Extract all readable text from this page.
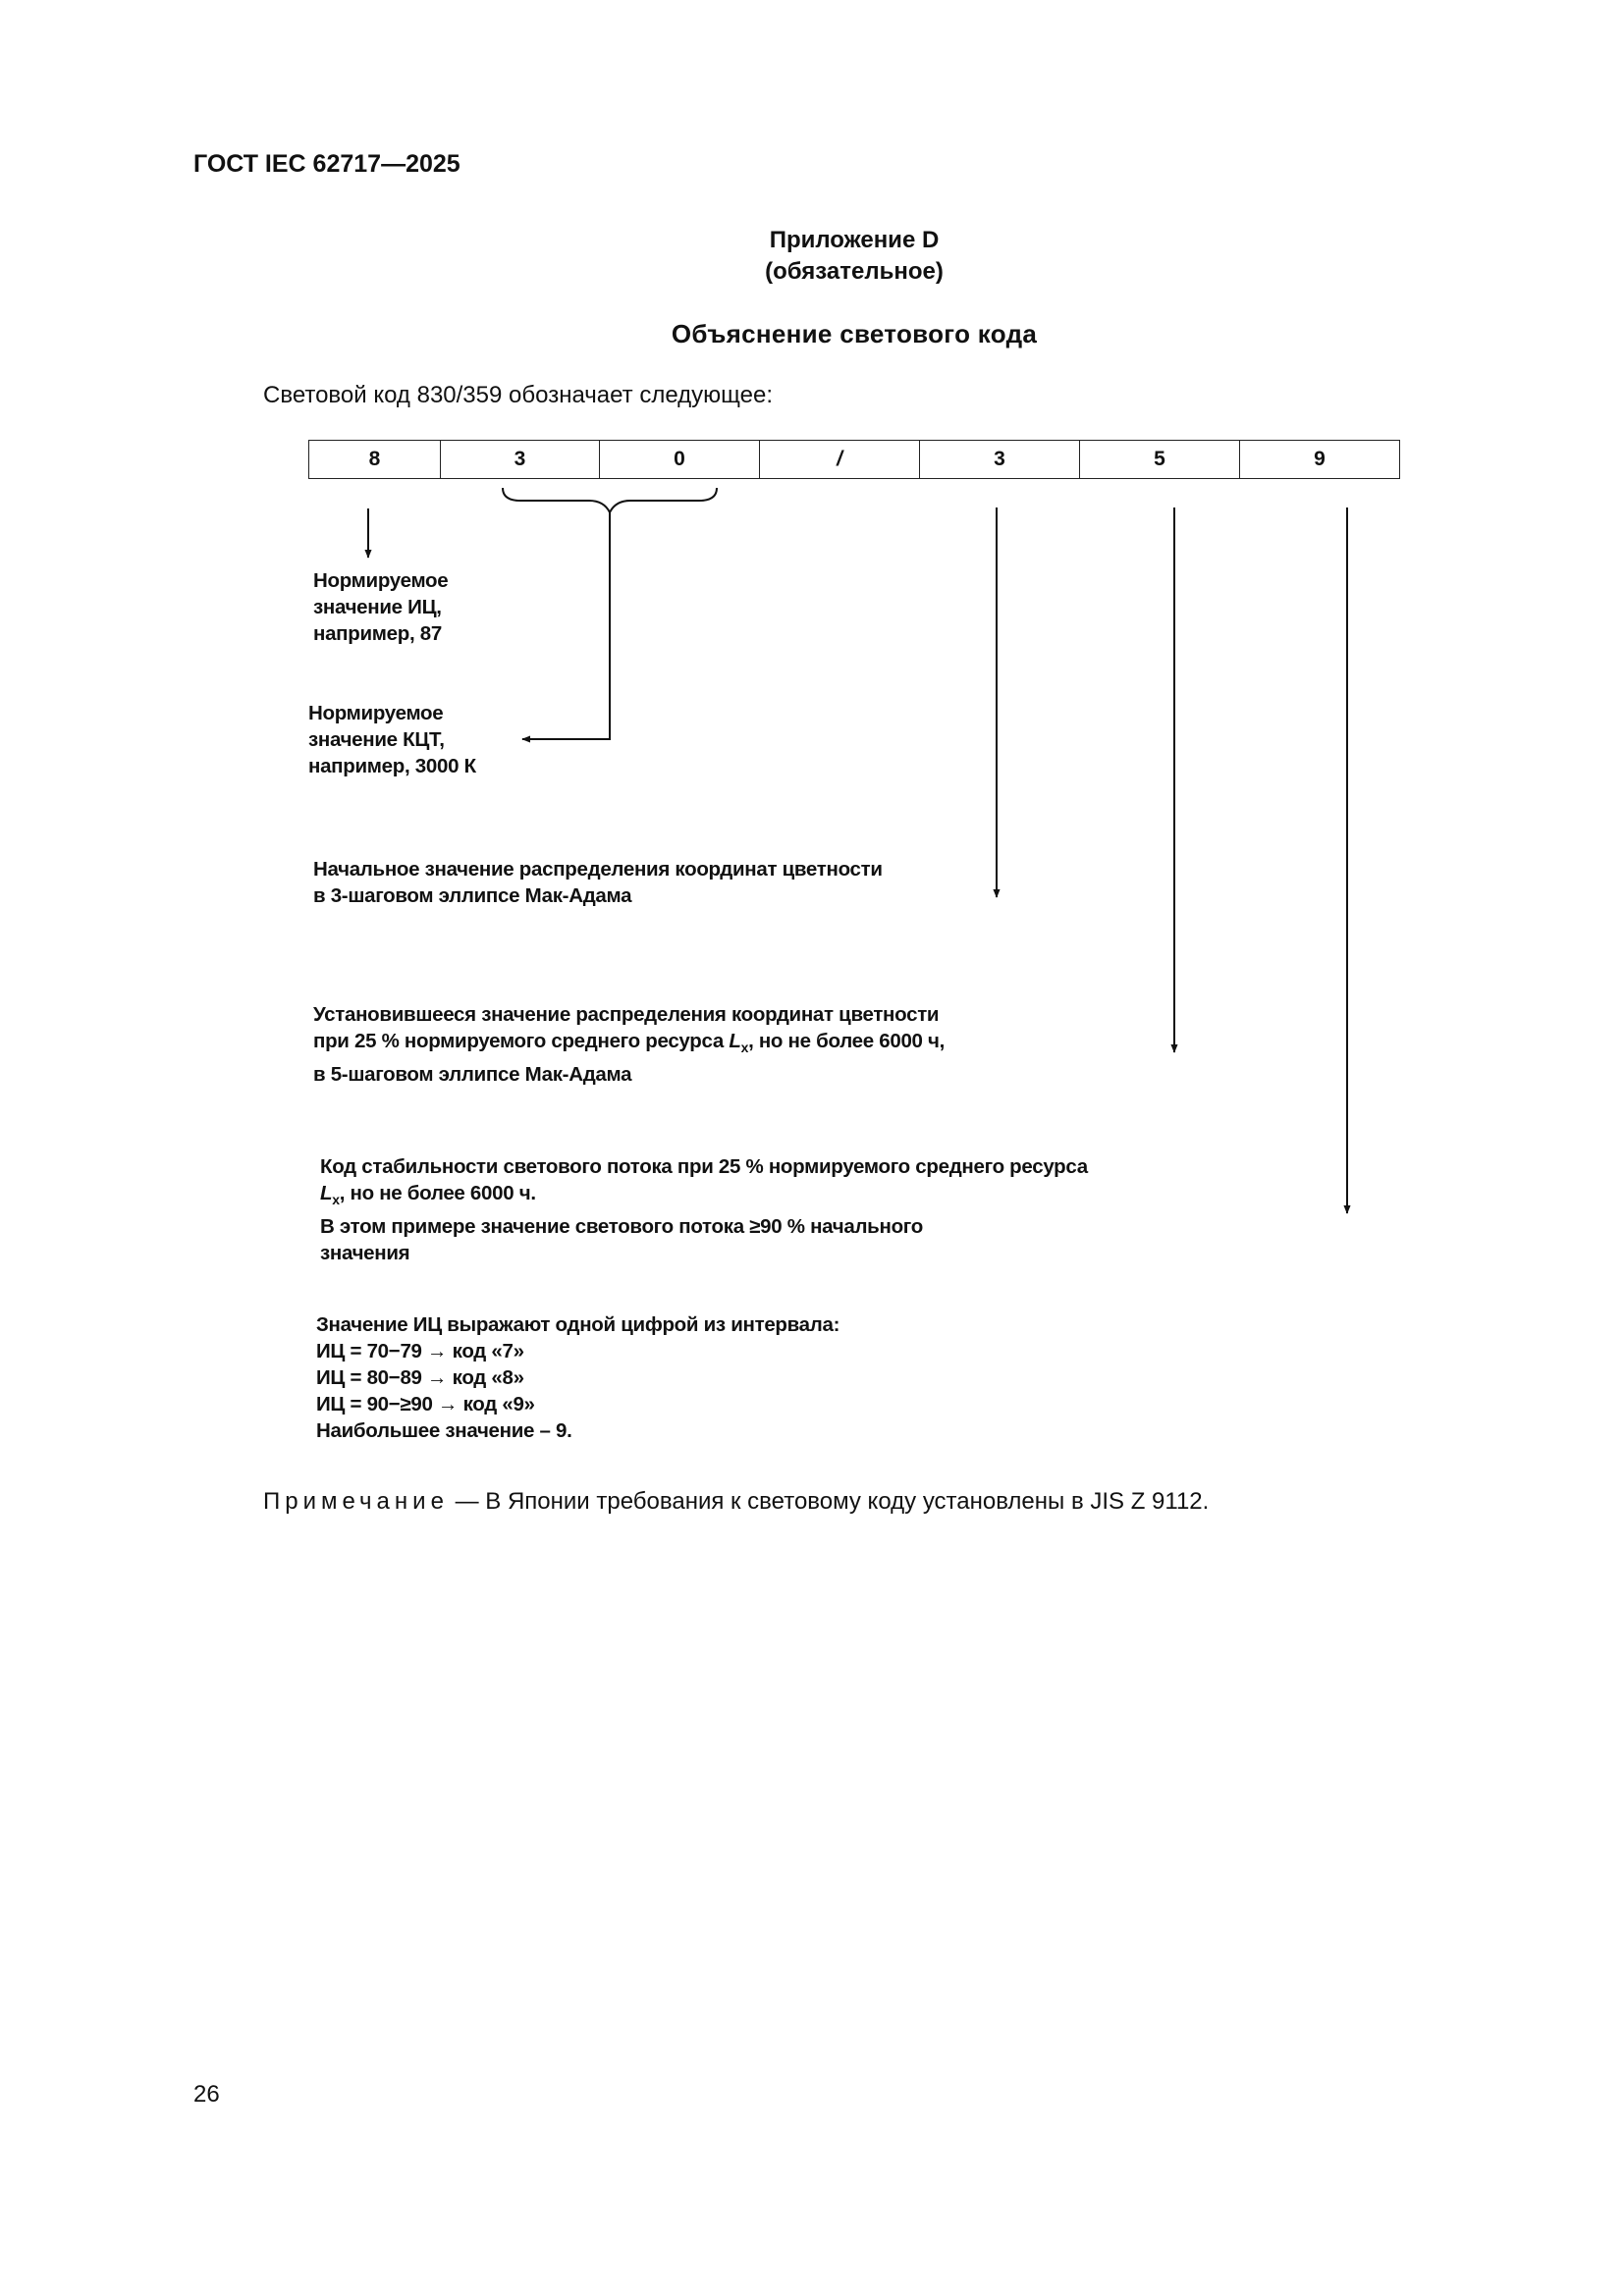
ГОСТ IEC 62717—2025
Приложение D
(обязательное)
Объяснение светового кода
Световой код 830/359 обозначает следующее:
8	3	0	/	3	5	9
Нормируемое
значение ИЦ,
например, 87
Нормируемое
значение КЦТ,
например, 3000 К
Начальное значение распределения координат цветности
в 3-шаговом эллипсе Мак-Адама
Установившееся значение распределения координат цветности
при 25 % нормируемого среднего ресурса $L_x$, но не более 6000 ч,
в 5-шаговом эллипсе Мак-Адама
Код стабильности светового потока при 25 % нормируемого среднего ресурса
$L_x$, но не более 6000 ч.
В этом примере значение светового потока ≥90 % начального
значения
Значение ИЦ выражают одной цифрой из интервала:
ИЦ = 70−79 → код «7»
ИЦ = 80−89 → код «8»
ИЦ = 90−≥90 → код «9»
Наибольшее значение – 9.
Примечание — В Японии требования к световому коду установлены в JIS Z 9112.
26
